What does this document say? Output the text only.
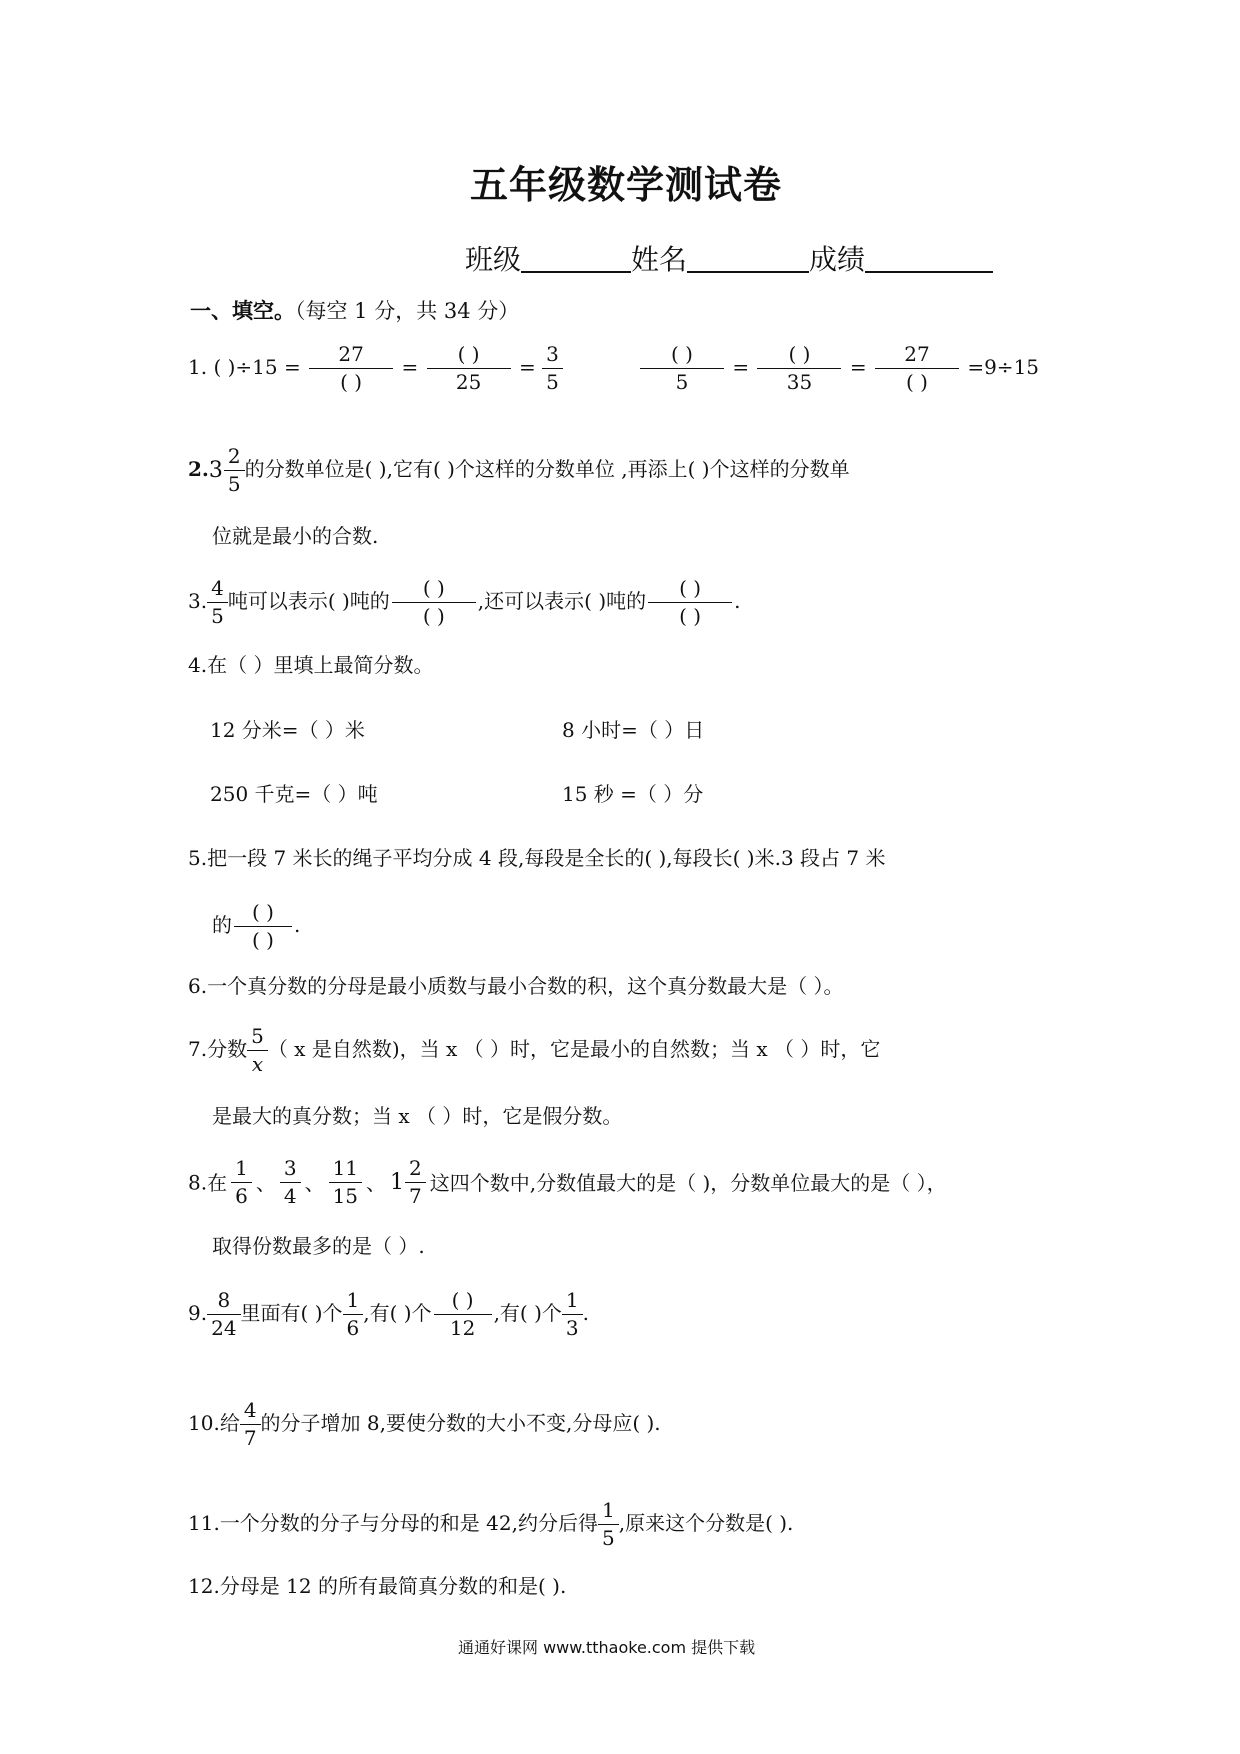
五年级数学测试卷
班级	姓名	成绩
一、填空。（每空 1 分，共 34 分）
1. ( )$\div 15 = \frac{27}{( )} = \frac{( )}{25} = \frac{3}{5}$	$\frac{( )}{5} = \frac{( )}{35} = \frac{27}{( )} =9\div 15$
2. $3 \frac{2}{5}$ 的分数单位是( ),它有( )个这样的分数单位 ,再添上( )个这样的分数单
位就是最小的合数.
3. $\frac{4}{5}$ 吨可以表示( )吨的 $\frac{( )}{( )}$ ,还可以表示( )吨的 $\frac{( )}{( )}$ .
4.在（ ）里填上最简分数。
12 分米=（ ）米	8 小时=（ ）日
250 千克=（ ）吨	15 秒 =（ ）分
5.把一段 7 米长的绳子平均分成 4 段,每段是全长的( ),每段长( )米.3 段占 7 米
的 $\frac{( )}{( )}$ .
6.一个真分数的分母是最小质数与最小合数的积，这个真分数最大是（ ）。
7.分数 $\frac{5}{x}$ （ x 是自然数)，当 x （ ）时，它是最小的自然数；当 x （ ）时，它
是最大的真分数；当 x （ ）时，它是假分数。
8. 在 $\frac{1}{6}$ 、 $\frac{3}{4}$ 、 $\frac{11}{15}$ 、 $1 \frac{2}{7}$ 这四个数中,分数值最大的是（ )，分数单位最大的是（ ），
取得份数最多的是（ ）.
9. $\frac{8}{24}$ 里面有( )个 $\frac{1}{6}$ ,有( )个 $\frac{( )}{12}$ ,有( )个 $\frac{1}{3}$ .
10.给 $\frac{4}{7}$ 的分子增加 8,要使分数的大小不变,分母应( ).
11.一个分数的分子与分母的和是 42,约分后得 $\frac{1}{5}$ ,原来这个分数是( ).
12.分母是 12 的所有最简真分数的和是( ).
通通好课网 www.tthaoke.com 提供下载
